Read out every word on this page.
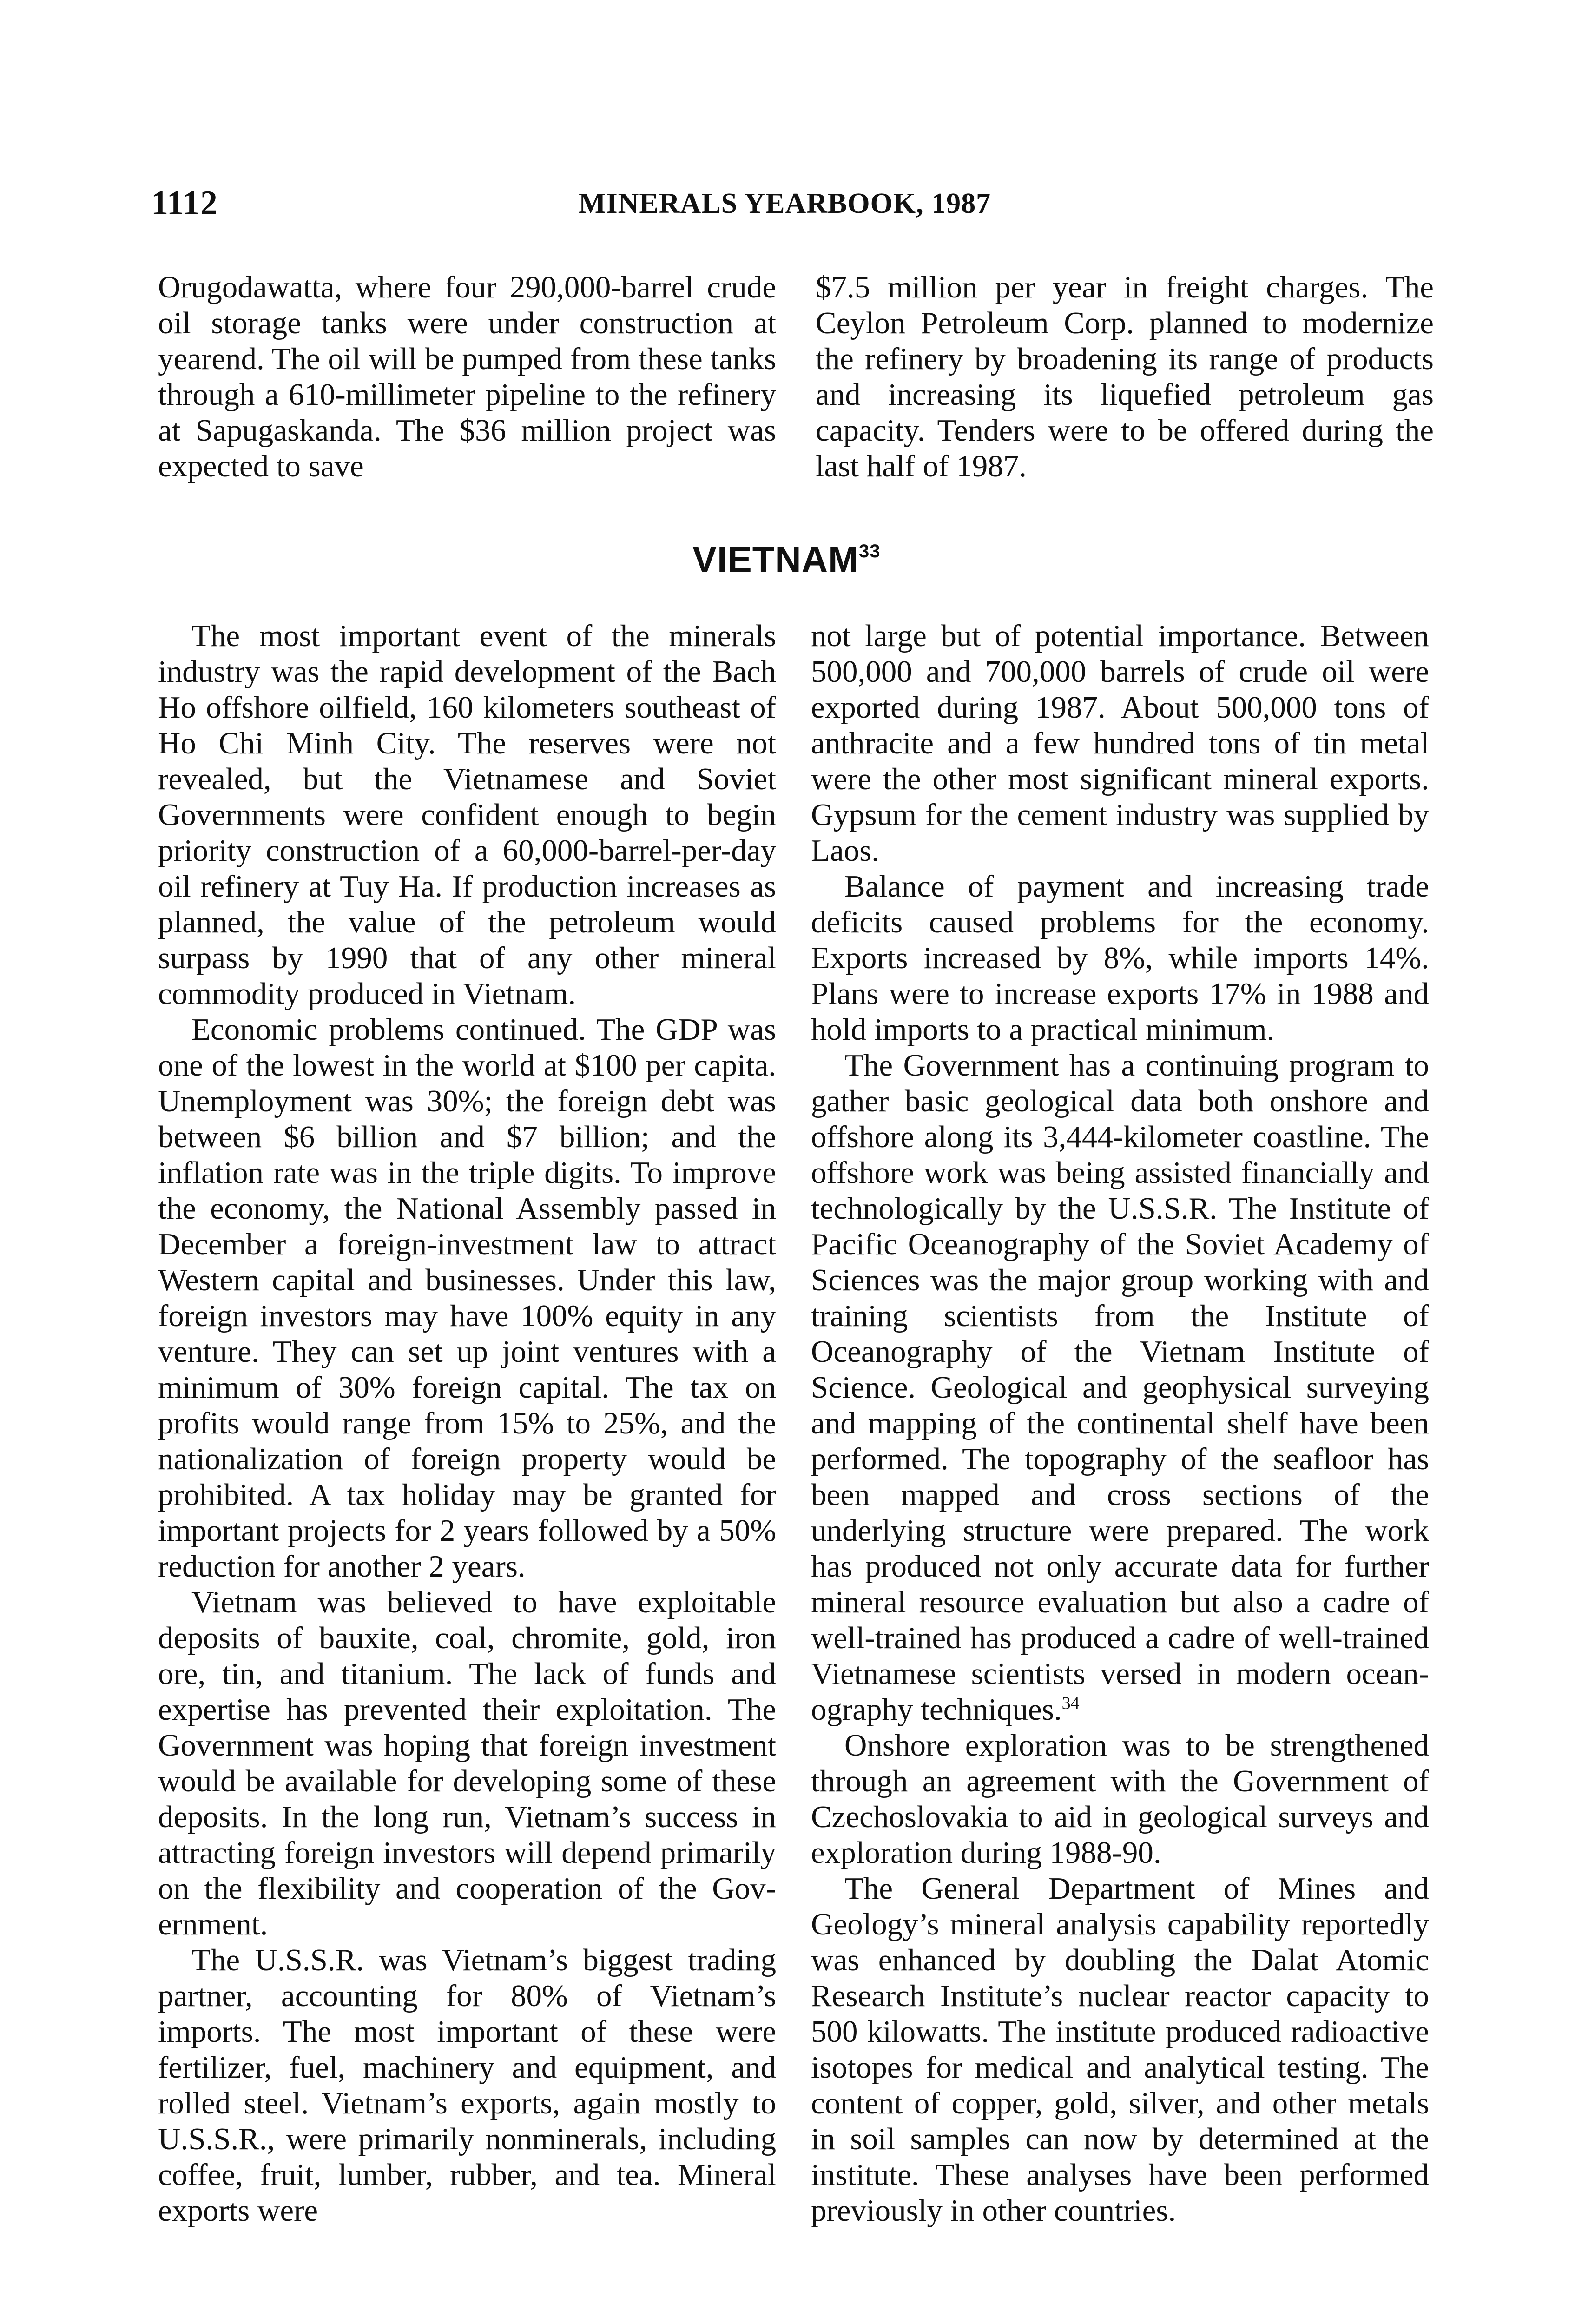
1112	MINERALS YEARBOOK, 1987

Orugodawatta, where four 290,000-barrel crude oil storage tanks were under construction at yearend. The oil will be pumped from these tanks through a 610-millimeter pipeline to the refinery at Sapugaskanda. The $36 million project was expected to save

$7.5 million per year in freight charges. The Ceylon Petroleum Corp. planned to modernize the refinery by broadening its range of products and increasing its liquefied petroleum gas capacity. Tenders were to be offered during the last half of 1987.

VIETNAM$^{33}$

The most important event of the minerals industry was the rapid development of the Bach Ho offshore oilfield, 160 kilometers southeast of Ho Chi Minh City. The reserves were not revealed, but the Vietnamese and Soviet Governments were confident enough to begin priority construction of a 60,000-barrel-per-day oil refinery at Tuy Ha. If production increases as planned, the value of the petroleum would surpass by 1990 that of any other mineral commodity produced in Vietnam.

Economic problems continued. The GDP was one of the lowest in the world at $100 per capita. Unemployment was 30%; the foreign debt was between $6 billion and $7 billion; and the inflation rate was in the triple digits. To improve the economy, the National Assembly passed in December a foreign-investment law to attract Western capital and businesses. Under this law, foreign investors may have 100% equity in any venture. They can set up joint ventures with a minimum of 30% foreign capital. The tax on profits would range from 15% to 25%, and the nationalization of foreign property would be prohibited. A tax holiday may be granted for important projects for 2 years followed by a 50% reduction for another 2 years.

Vietnam was believed to have exploitable deposits of bauxite, coal, chromite, gold, iron ore, tin, and titanium. The lack of funds and expertise has prevented their exploitation. The Government was hoping that foreign investment would be available for developing some of these deposits. In the long run, Vietnam’s success in attracting foreign investors will depend primarily on the flexibility and cooperation of the Government.

The U.S.S.R. was Vietnam’s biggest trading partner, accounting for 80% of Vietnam’s imports. The most important of these were fertilizer, fuel, machinery and equipment, and rolled steel. Vietnam’s exports, again mostly to U.S.S.R., were primarily nonminerals, including coffee, fruit, lumber, rubber, and tea. Mineral exports were

not large but of potential importance. Between 500,000 and 700,000 barrels of crude oil were exported during 1987. About 500,000 tons of anthracite and a few hundred tons of tin metal were the other most significant mineral exports. Gypsum for the cement industry was supplied by Laos.

Balance of payment and increasing trade deficits caused problems for the economy. Exports increased by 8%, while imports 14%. Plans were to increase exports 17% in 1988 and hold imports to a practical minimum.

The Government has a continuing program to gather basic geological data both onshore and offshore along its 3,444-kilometer coastline. The offshore work was being assisted financially and technologically by the U.S.S.R. The Institute of Pacific Oceanography of the Soviet Academy of Sciences was the major group working with and training scientists from the Institute of Oceanography of the Vietnam Institute of Science. Geological and geophysical surveying and mapping of the continental shelf have been performed. The topography of the seafloor has been mapped and cross sections of the underlying structure were prepared. The work has produced not only accurate data for further mineral resource evaluation but also a cadre of well-trained has produced a cadre of well-trained Vietnamese scientists versed in modern oceanography techniques.$^{34}$

Onshore exploration was to be strengthened through an agreement with the Government of Czechoslovakia to aid in geological surveys and exploration during 1988-90.

The General Department of Mines and Geology’s mineral analysis capability reportedly was enhanced by doubling the Dalat Atomic Research Institute’s nuclear reactor capacity to 500 kilowatts. The institute produced radioactive isotopes for medical and analytical testing. The content of copper, gold, silver, and other metals in soil samples can now by determined at the institute. These analyses have been performed previously in other countries.
